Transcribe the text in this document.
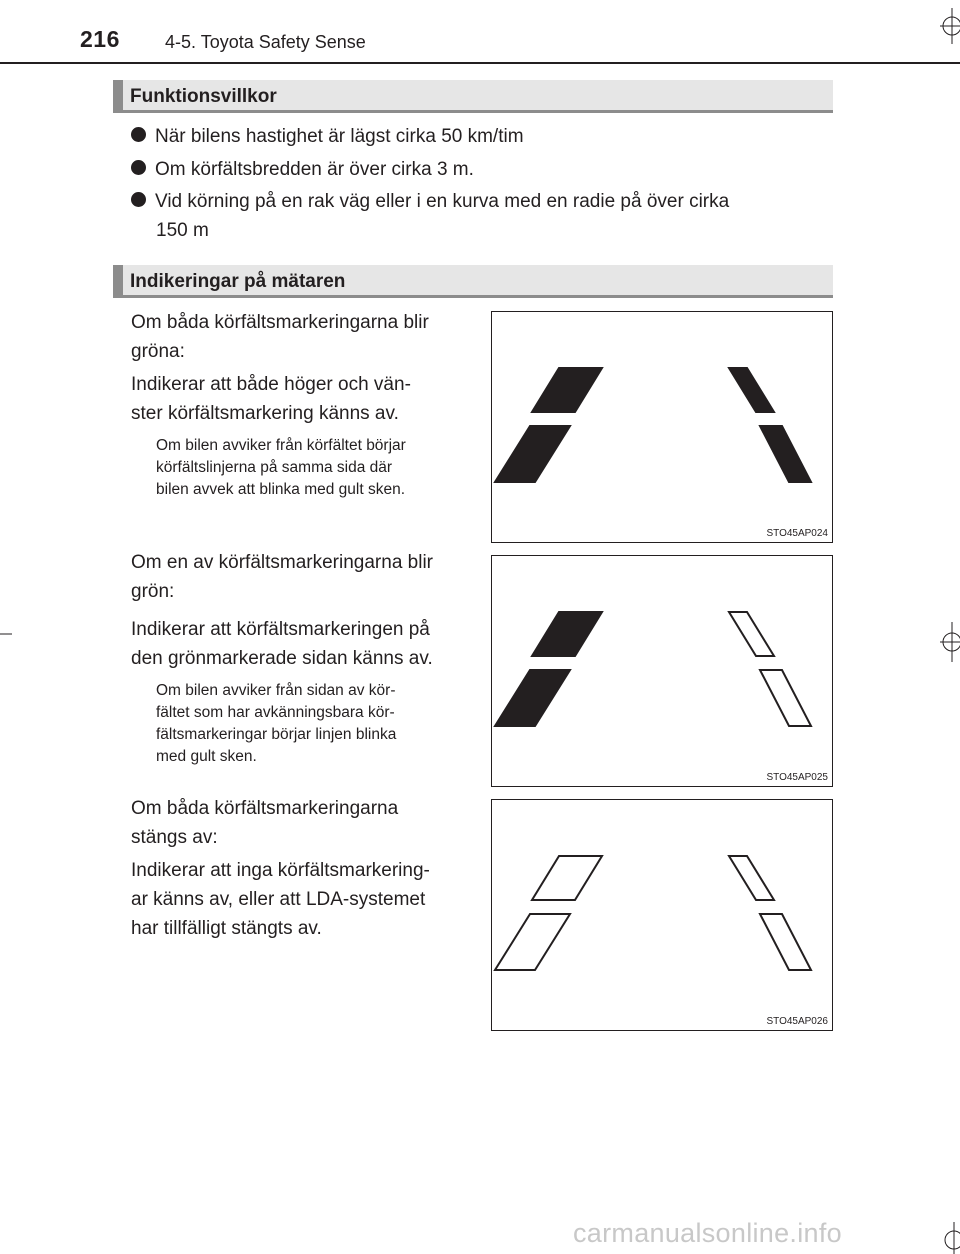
216	4-5. Toyota Safety Sense
Funktionsvillkor
När bilens hastighet är lägst cirka 50 km/tim
Om körfältsbredden är över cirka 3 m.
Vid körning på en rak väg eller i en kurva med en radie på över cirka
150 m
Indikeringar på mätaren
Om båda körfältsmarkeringarna blir
gröna:
Indikerar att både höger och vän-
ster körfältsmarkering känns av.
Om bilen avviker från körfältet börjar
körfältslinjerna på samma sida där
bilen avvek att blinka med gult sken.
STO45AP024
Om en av körfältsmarkeringarna blir
grön:
Indikerar att körfältsmarkeringen på
den grönmarkerade sidan känns av.
Om bilen avviker från sidan av kör-
fältet som har avkänningsbara kör-
fältsmarkeringar börjar linjen blinka
med gult sken.
STO45AP025
Om båda körfältsmarkeringarna
stängs av:
Indikerar att inga körfältsmarkering-
ar känns av, eller att LDA-systemet
har tillfälligt stängts av.
STO45AP026
carmanualsonline.info
